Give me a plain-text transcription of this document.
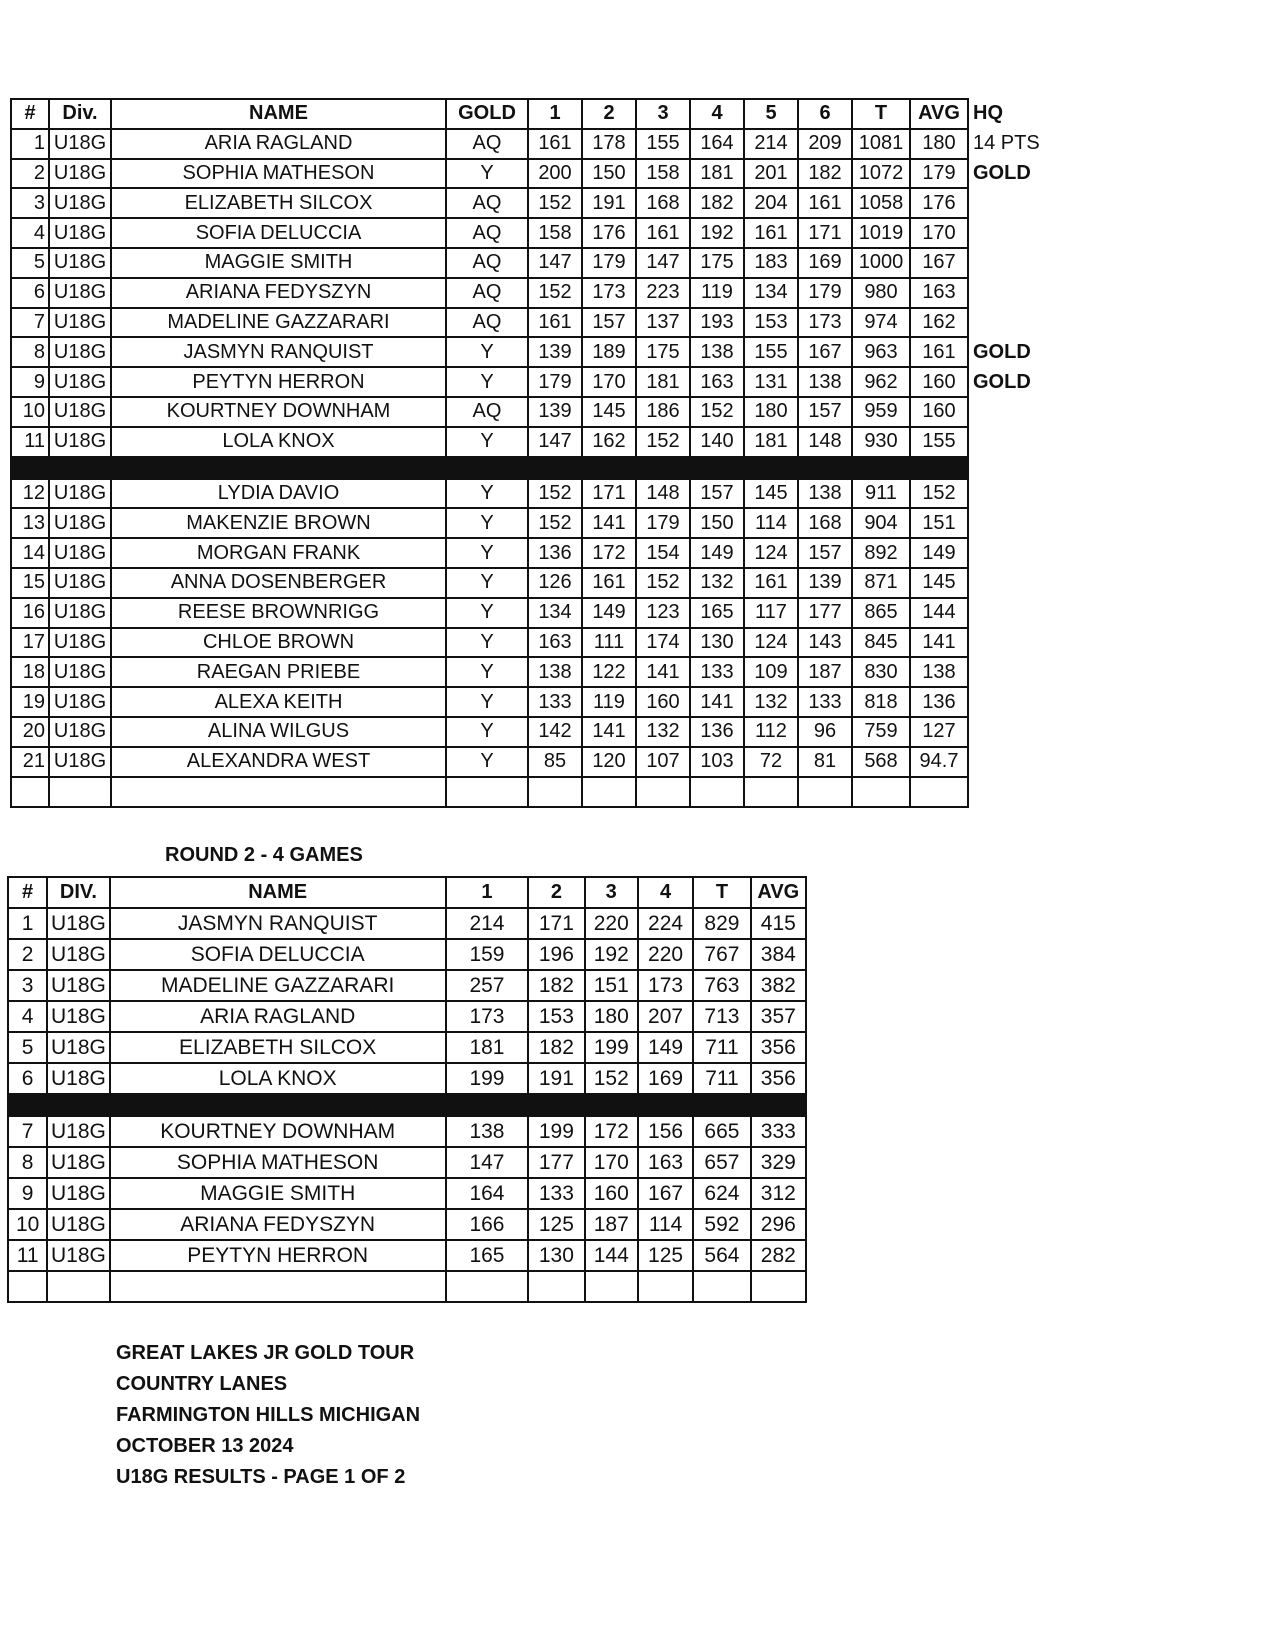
#	Div.	NAME	GOLD	1	2	3	4	5	6	T	AVG	HQ
1	U18G	ARIA RAGLAND	AQ	161	178	155	164	214	209	1081	180	14 PTS
2	U18G	SOPHIA MATHESON	Y	200	150	158	181	201	182	1072	179	GOLD
3	U18G	ELIZABETH SILCOX	AQ	152	191	168	182	204	161	1058	176	
4	U18G	SOFIA DELUCCIA	AQ	158	176	161	192	161	171	1019	170	
5	U18G	MAGGIE SMITH	AQ	147	179	147	175	183	169	1000	167	
6	U18G	ARIANA FEDYSZYN	AQ	152	173	223	119	134	179	980	163	
7	U18G	MADELINE GAZZARARI	AQ	161	157	137	193	153	173	974	162	
8	U18G	JASMYN RANQUIST	Y	139	189	175	138	155	167	963	161	GOLD
9	U18G	PEYTYN HERRON	Y	179	170	181	163	131	138	962	160	GOLD
10	U18G	KOURTNEY DOWNHAM	AQ	139	145	186	152	180	157	959	160	
11	U18G	LOLA KNOX	Y	147	162	152	140	181	148	930	155	

12	U18G	LYDIA DAVIO	Y	152	171	148	157	145	138	911	152	
13	U18G	MAKENZIE BROWN	Y	152	141	179	150	114	168	904	151	
14	U18G	MORGAN FRANK	Y	136	172	154	149	124	157	892	149	
15	U18G	ANNA DOSENBERGER	Y	126	161	152	132	161	139	871	145	
16	U18G	REESE BROWNRIGG	Y	134	149	123	165	117	177	865	144	
17	U18G	CHLOE BROWN	Y	163	111	174	130	124	143	845	141	
18	U18G	RAEGAN PRIEBE	Y	138	122	141	133	109	187	830	138	
19	U18G	ALEXA KEITH	Y	133	119	160	141	132	133	818	136	
20	U18G	ALINA WILGUS	Y	142	141	132	136	112	96	759	127	
21	U18G	ALEXANDRA WEST	Y	85	120	107	103	72	81	568	94.7	

ROUND 2 - 4 GAMES
#	DIV.	NAME	1	2	3	4	T	AVG
1	U18G	JASMYN RANQUIST	214	171	220	224	829	415
2	U18G	SOFIA DELUCCIA	159	196	192	220	767	384
3	U18G	MADELINE GAZZARARI	257	182	151	173	763	382
4	U18G	ARIA RAGLAND	173	153	180	207	713	357
5	U18G	ELIZABETH SILCOX	181	182	199	149	711	356
6	U18G	LOLA KNOX	199	191	152	169	711	356

7	U18G	KOURTNEY DOWNHAM	138	199	172	156	665	333
8	U18G	SOPHIA MATHESON	147	177	170	163	657	329
9	U18G	MAGGIE SMITH	164	133	160	167	624	312
10	U18G	ARIANA FEDYSZYN	166	125	187	114	592	296
11	U18G	PEYTYN HERRON	165	130	144	125	564	282

GREAT LAKES JR GOLD TOUR
COUNTRY LANES
FARMINGTON HILLS MICHIGAN
OCTOBER 13 2024
U18G RESULTS - PAGE 1 OF 2
